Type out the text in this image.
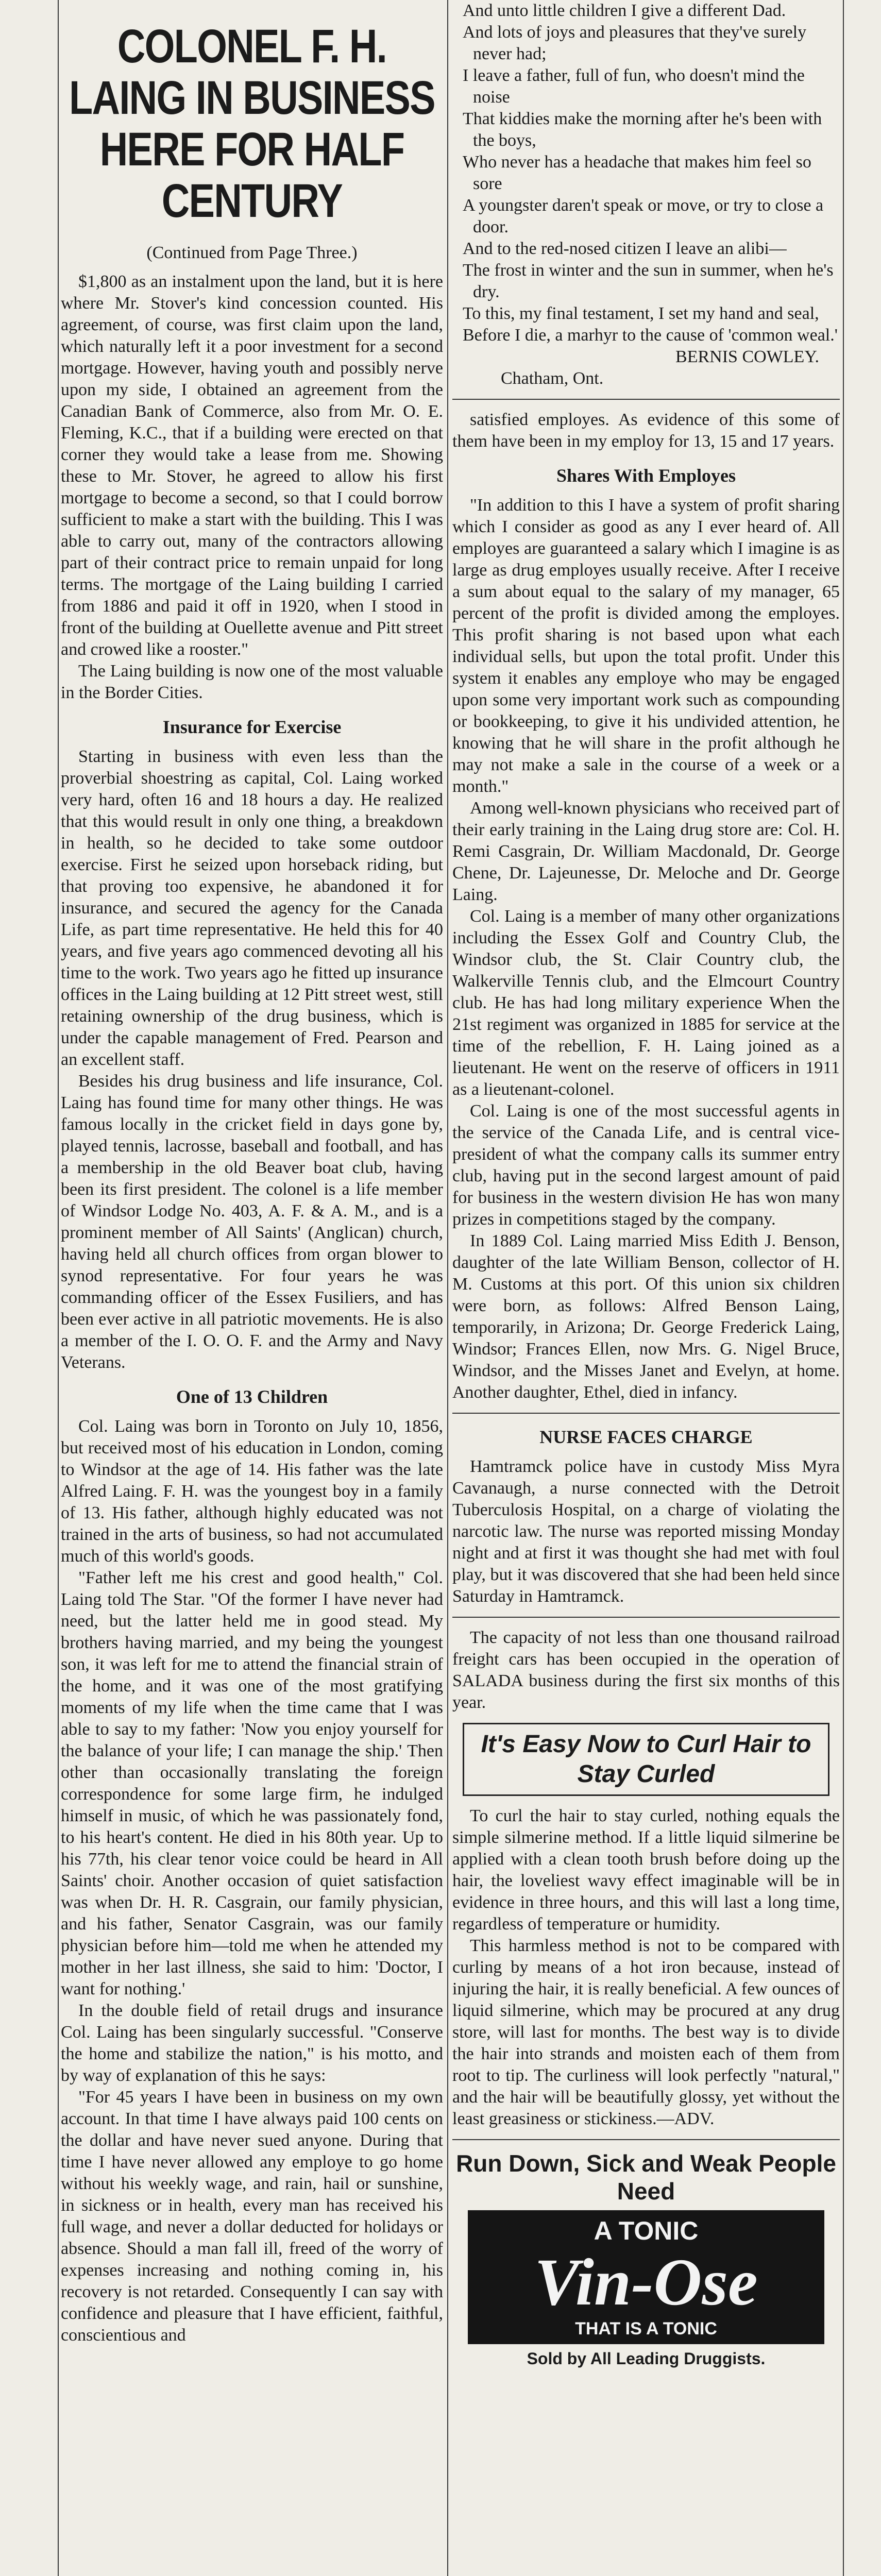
COLONEL F. H. LAING IN BUSINESS HERE FOR HALF CENTURY

(Continued from Page Three.)

$1,800 as an instalment upon the land, but it is here where Mr. Stover's kind concession counted. His agreement, of course, was first claim upon the land, which naturally left it a poor investment for a second mortgage. However, having youth and possibly nerve upon my side, I obtained an agreement from the Canadian Bank of Commerce, also from Mr. O. E. Fleming, K.C., that if a building were erected on that corner they would take a lease from me. Showing these to Mr. Stover, he agreed to allow his first mortgage to become a second, so that I could borrow sufficient to make a start with the building. This I was able to carry out, many of the contractors allowing part of their contract price to remain unpaid for long terms. The mortgage of the Laing building I carried from 1886 and paid it off in 1920, when I stood in front of the building at Ouellette avenue and Pitt street and crowed like a rooster."

The Laing building is now one of the most valuable in the Border Cities.

Insurance for Exercise

Starting in business with even less than the proverbial shoestring as capital, Col. Laing worked very hard, often 16 and 18 hours a day. He realized that this would result in only one thing, a breakdown in health, so he decided to take some outdoor exercise. First he seized upon horseback riding, but that proving too expensive, he abandoned it for insurance, and secured the agency for the Canada Life, as part time representative. He held this for 40 years, and five years ago commenced devoting all his time to the work. Two years ago he fitted up insurance offices in the Laing building at 12 Pitt street west, still retaining ownership of the drug business, which is under the capable management of Fred. Pearson and an excellent staff.

Besides his drug business and life insurance, Col. Laing has found time for many other things. He was famous locally in the cricket field in days gone by, played tennis, lacrosse, baseball and football, and has a membership in the old Beaver boat club, having been its first president. The colonel is a life member of Windsor Lodge No. 403, A. F. & A. M., and is a prominent member of All Saints' (Anglican) church, having held all church offices from organ blower to synod representative. For four years he was commanding officer of the Essex Fusiliers, and has been ever active in all patriotic movements. He is also a member of the I. O. O. F. and the Army and Navy Veterans.

One of 13 Children

Col. Laing was born in Toronto on July 10, 1856, but received most of his education in London, coming to Windsor at the age of 14. His father was the late Alfred Laing. F. H. was the youngest boy in a family of 13. His father, although highly educated was not trained in the arts of business, so had not accumulated much of this world's goods.

"Father left me his crest and good health," Col. Laing told The Star. "Of the former I have never had need, but the latter held me in good stead. My brothers having married, and my being the youngest son, it was left for me to attend the financial strain of the home, and it was one of the most gratifying moments of my life when the time came that I was able to say to my father: 'Now you enjoy yourself for the balance of your life; I can manage the ship.' Then other than occasionally translating the foreign correspondence for some large firm, he indulged himself in music, of which he was passionately fond, to his heart's content. He died in his 80th year. Up to his 77th, his clear tenor voice could be heard in All Saints' choir. Another occasion of quiet satisfaction was when Dr. H. R. Casgrain, our family physician, and his father, Senator Casgrain, was our family physician before him—told me when he attended my mother in her last illness, she said to him: 'Doctor, I want for nothing.'

In the double field of retail drugs and insurance Col. Laing has been singularly successful. "Conserve the home and stabilize the nation," is his motto, and by way of explanation of this he says:

"For 45 years I have been in business on my own account. In that time I have always paid 100 cents on the dollar and have never sued anyone. During that time I have never allowed any employe to go home without his weekly wage, and rain, hail or sunshine, in sickness or in health, every man has received his full wage, and never a dollar deducted for holidays or absence. Should a man fall ill, freed of the worry of expenses increasing and nothing coming in, his recovery is not retarded. Consequently I can say with confidence and pleasure that I have efficient, faithful, conscientious and

And unto little children I give a different Dad.

And lots of joys and pleasures that they've surely never had;

I leave a father, full of fun, who doesn't mind the noise

That kiddies make the morning after he's been with the boys,

Who never has a headache that makes him feel so sore

A youngster daren't speak or move, or try to close a door.

And to the red-nosed citizen I leave an alibi—

The frost in winter and the sun in summer, when he's dry.

To this, my final testament, I set my hand and seal,

Before I die, a marhyr to the cause of 'common weal.'

BERNIS COWLEY.

Chatham, Ont.

satisfied employes. As evidence of this some of them have been in my employ for 13, 15 and 17 years.

Shares With Employes

"In addition to this I have a system of profit sharing which I consider as good as any I ever heard of. All employes are guaranteed a salary which I imagine is as large as drug employes usually receive. After I receive a sum about equal to the salary of my manager, 65 percent of the profit is divided among the employes. This profit sharing is not based upon what each individual sells, but upon the total profit. Under this system it enables any employe who may be engaged upon some very important work such as compounding or bookkeeping, to give it his undivided attention, he knowing that he will share in the profit although he may not make a sale in the course of a week or a month."

Among well-known physicians who received part of their early training in the Laing drug store are: Col. H. Remi Casgrain, Dr. William Macdonald, Dr. George Chene, Dr. Lajeunesse, Dr. Meloche and Dr. George Laing.

Col. Laing is a member of many other organizations including the Essex Golf and Country Club, the Windsor club, the St. Clair Country club, the Walkerville Tennis club, and the Elmcourt Country club. He has had long military experience When the 21st regiment was organized in 1885 for service at the time of the rebellion, F. H. Laing joined as a lieutenant. He went on the reserve of officers in 1911 as a lieutenant-colonel.

Col. Laing is one of the most successful agents in the service of the Canada Life, and is central vice-president of what the company calls its summer entry club, having put in the second largest amount of paid for business in the western division He has won many prizes in competitions staged by the company.

In 1889 Col. Laing married Miss Edith J. Benson, daughter of the late William Benson, collector of H. M. Customs at this port. Of this union six children were born, as follows: Alfred Benson Laing, temporarily, in Arizona; Dr. George Frederick Laing, Windsor; Frances Ellen, now Mrs. G. Nigel Bruce, Windsor, and the Misses Janet and Evelyn, at home. Another daughter, Ethel, died in infancy.

NURSE FACES CHARGE

Hamtramck police have in custody Miss Myra Cavanaugh, a nurse connected with the Detroit Tuberculosis Hospital, on a charge of violating the narcotic law. The nurse was reported missing Monday night and at first it was thought she had met with foul play, but it was discovered that she had been held since Saturday in Hamtramck.

The capacity of not less than one thousand railroad freight cars has been occupied in the operation of SALADA business during the first six months of this year.

It's Easy Now to Curl Hair to Stay Curled

To curl the hair to stay curled, nothing equals the simple silmerine method. If a little liquid silmerine be applied with a clean tooth brush before doing up the hair, the loveliest wavy effect imaginable will be in evidence in three hours, and this will last a long time, regardless of temperature or humidity.

This harmless method is not to be compared with curling by means of a hot iron because, instead of injuring the hair, it is really beneficial. A few ounces of liquid silmerine, which may be procured at any drug store, will last for months. The best way is to divide the hair into strands and moisten each of them from root to tip. The curliness will look perfectly "natural," and the hair will be beautifully glossy, yet without the least greasiness or stickiness.—ADV.

Run Down, Sick and Weak People Need
A TONIC
Vin-Ose
THAT IS A TONIC
Sold by All Leading Druggists.
